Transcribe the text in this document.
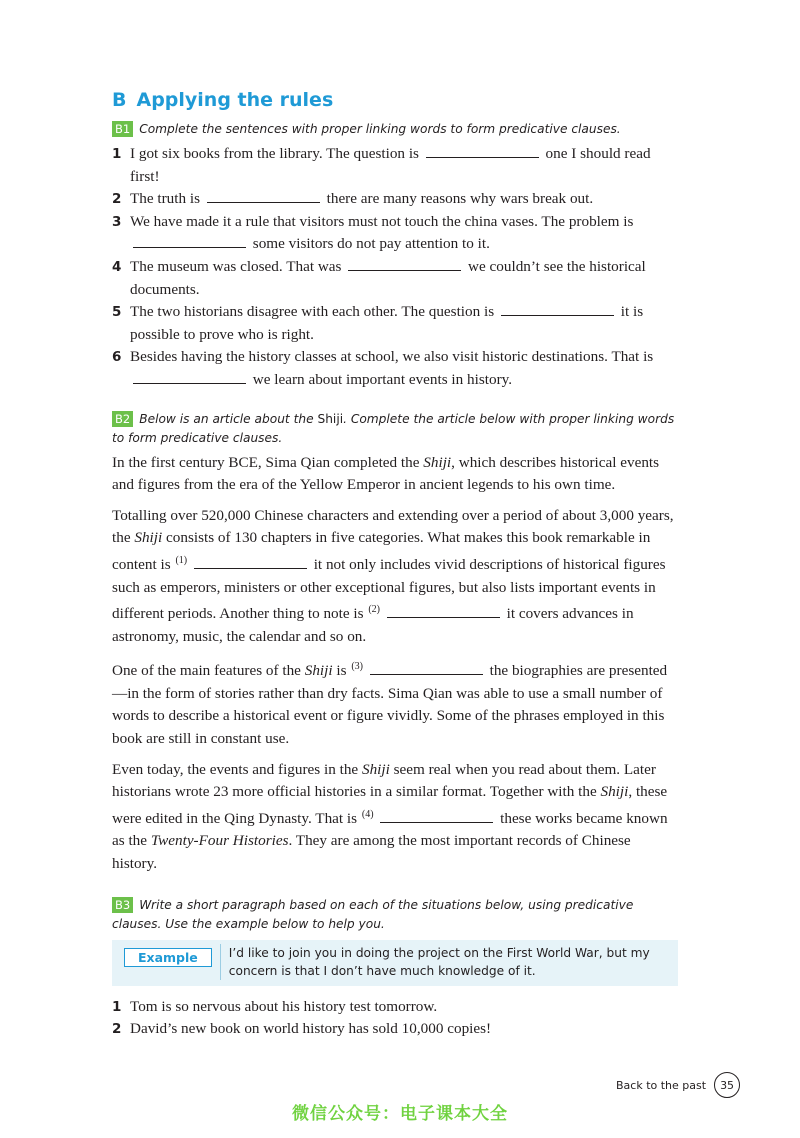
B Applying the rules

B1 Complete the sentences with proper linking words to form predicative clauses.

1 I got six books from the library. The question is	one I should read first!
2 The truth is	there are many reasons why wars break out.
3 We have made it a rule that visitors must not touch the china vases. The problem is  some visitors do not pay attention to it.
4 The museum was closed. That was	we couldn’t see the historical documents.
5 The two historians disagree with each other. The question is	it is possible to prove who is right.
6 Besides having the history classes at school, we also visit historic destinations. That is  we learn about important events in history.

B2 Below is an article about the Shiji. Complete the article below with proper linking words to form predicative clauses.

In the first century BCE, Sima Qian completed the Shiji, which describes historical events and figures from the era of the Yellow Emperor in ancient legends to his own time.

Totalling over 520,000 Chinese characters and extending over a period of about 3,000 years, the Shiji consists of 130 chapters in five categories. What makes this book remarkable in content is $^{(1)}$	it not only includes vivid descriptions of historical figures such as emperors, ministers or other exceptional figures, but also lists important events in different periods. Another thing to note is $^{(2)}$	it covers advances in astronomy, music, the calendar and so on.

One of the main features of the Shiji is $^{(3)}$	the biographies are presented—in the form of stories rather than dry facts. Sima Qian was able to use a small number of words to describe a historical event or figure vividly. Some of the phrases employed in this book are still in constant use.

Even today, the events and figures in the Shiji seem real when you read about them. Later historians wrote 23 more official histories in a similar format. Together with the Shiji, these were edited in the Qing Dynasty. That is $^{(4)}$	these works became known as the Twenty-Four Histories. They are among the most important records of Chinese history.

B3 Write a short paragraph based on each of the situations below, using predicative clauses. Use the example below to help you.

Example	I’d like to join you in doing the project on the First World War, but my concern is that I don’t have much knowledge of it.
1 Tom is so nervous about his history test tomorrow.
2 David’s new book on world history has sold 10,000 copies!
Back to the past	35
微信公众号：电子课本大全
